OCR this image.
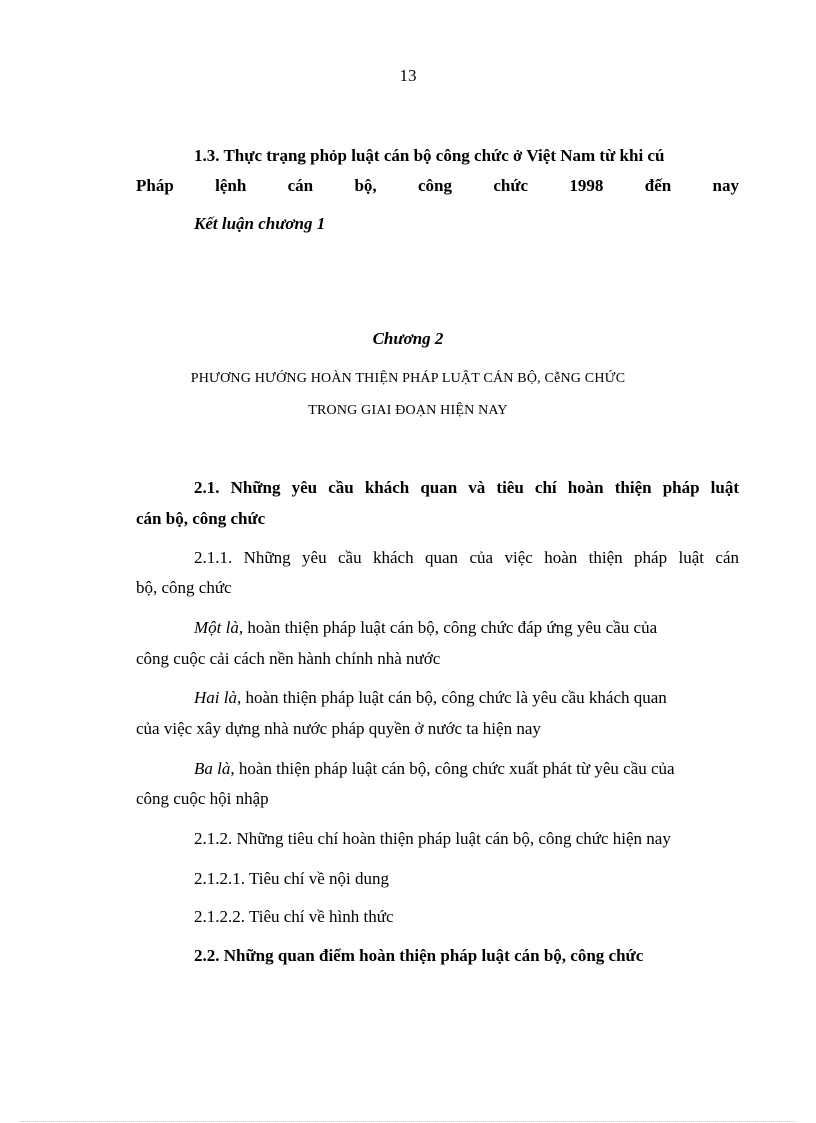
13
1.3. Thực trạng phỏp luật cán bộ công chức ở Việt Nam từ khi cú
Pháp lệnh cán bộ, công chức 1998 đến nay
Kết luận chương 1
Chương 2
PHƯƠNG HƯỚNG HOÀN THIỆN PHÁP LUẬT CÁN BỘ, CễNG CHỨC
TRONG GIAI ĐOẠN HIỆN NAY
2.1. Những yêu cầu khách quan và tiêu chí hoàn thiện pháp luật
cán bộ, công chức
2.1.1. Những yêu cầu khách quan của việc hoàn thiện pháp luật cán
bộ, công chức
Một là, hoàn thiện pháp luật cán bộ, công chức đáp ứng yêu cầu của
công cuộc cải cách nền hành chính nhà nước
Hai là, hoàn thiện pháp luật cán bộ, công chức là yêu cầu khách quan
của việc xây dựng nhà nước pháp quyền ở nước ta hiện nay
Ba là, hoàn thiện pháp luật cán bộ, công chức xuất phát từ yêu cầu của
công cuộc hội nhập
2.1.2. Những tiêu chí hoàn thiện pháp luật cán bộ, công chức hiện nay
2.1.2.1. Tiêu chí về nội dung
2.1.2.2. Tiêu chí về hình thức
2.2. Những quan điểm hoàn thiện pháp luật cán bộ, công chức
